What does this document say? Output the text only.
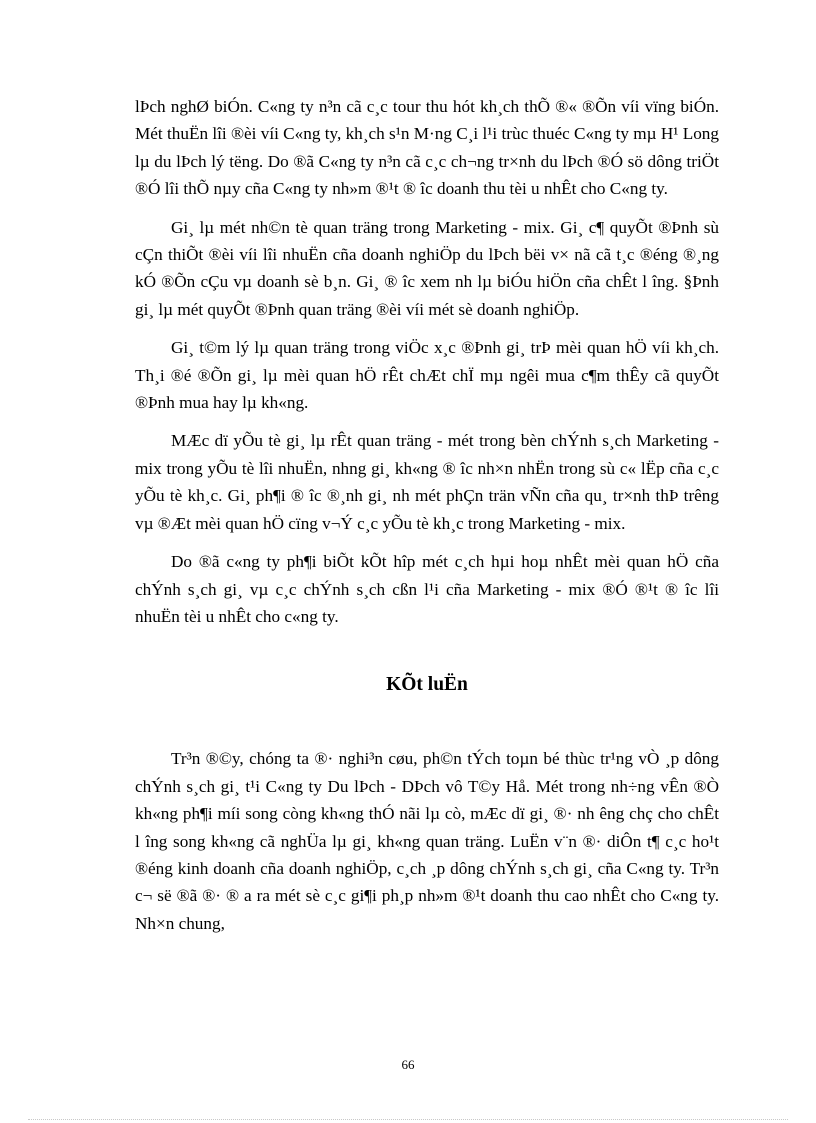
lÞch nghØ biÓn. C«ng ty n³n cã c¸c tour thu hót kh¸ch thÕ ®« ®Õn víi vïng biÓn. Mét thuËn lîi ®èi víi C«ng ty, kh¸ch s¹n M·ng C¸i l¹i trùc thuéc C«ng ty mµ H¹ Long lµ du lÞch lý tëng. Do ®ã C«ng ty n³n cã c¸c ch¬ng tr×nh du lÞch ®Ó sö dông triÖt ®Ó lîi thÕ nµy cña C«ng ty nh»m ®¹t ® îc doanh thu tèi u nhÊt cho C«ng ty.

Gi¸ lµ mét nh©n tè quan träng trong Marketing - mix. Gi¸ c¶ quyÕt ®Þnh sù cÇn thiÕt ®èi víi lîi nhuËn cña doanh nghiÖp du lÞch bëi v× nã cã t¸c ®éng ®¸ng kÓ ®Õn cÇu vµ doanh sè b¸n. Gi¸ ® îc xem nh lµ biÓu hiÖn cña chÊt l îng. §Þnh gi¸ lµ mét quyÕt ®Þnh quan träng ®èi víi mét sè doanh nghiÖp.

Gi¸ t©m lý lµ quan träng trong viÖc x¸c ®Þnh gi¸ trÞ mèi quan hÖ víi kh¸ch. Th¸i ®é ®Õn gi¸ lµ mèi quan hÖ rÊt chÆt chÏ mµ ngêi mua c¶m thÊy cã quyÕt ®Þnh mua hay lµ kh«ng.

MÆc dï yÕu tè gi¸ lµ rÊt quan träng - mét trong bèn chÝnh s¸ch Marketing - mix trong yÕu tè lîi nhuËn, nhng gi¸ kh«ng ® îc nh×n nhËn trong sù c« lËp cña c¸c yÕu tè kh¸c. Gi¸ ph¶i ® îc ®¸nh gi¸ nh mét phÇn trän vÑn cña qu¸ tr×nh thÞ trêng vµ ®Æt mèi quan hÖ cïng v¬Ý c¸c yÕu tè kh¸c trong Marketing - mix.

Do ®ã c«ng ty ph¶i biÕt kÕt hîp mét c¸ch hµi hoµ nhÊt mèi quan hÖ cña chÝnh s¸ch gi¸ vµ c¸c chÝnh s¸ch cßn l¹i cña Marketing - mix ®Ó ®¹t ® îc lîi nhuËn tèi u nhÊt cho c«ng ty.

KÕt luËn

Tr³n ®©y, chóng ta ®· nghi³n cøu, ph©n tÝch toµn bé thùc tr¹ng vÒ ¸p dông chÝnh s¸ch gi¸ t¹i C«ng ty Du lÞch - DÞch vô T©y Hå. Mét trong nh÷ng vÊn ®Ò kh«ng ph¶i míi song còng kh«ng thÓ nãi lµ cò, mÆc dï gi¸ ®· nh êng chç cho chÊt l îng song kh«ng cã nghÜa lµ gi¸ kh«ng quan träng. LuËn v¨n ®· diÔn t¶ c¸c ho¹t ®éng kinh doanh cña doanh nghiÖp, c¸ch ¸p dông chÝnh s¸ch gi¸ cña C«ng ty. Tr³n c¬ së ®ã ®· ® a ra mét sè c¸c gi¶i ph¸p nh»m ®¹t doanh thu cao nhÊt cho C«ng ty. Nh×n chung,

66
